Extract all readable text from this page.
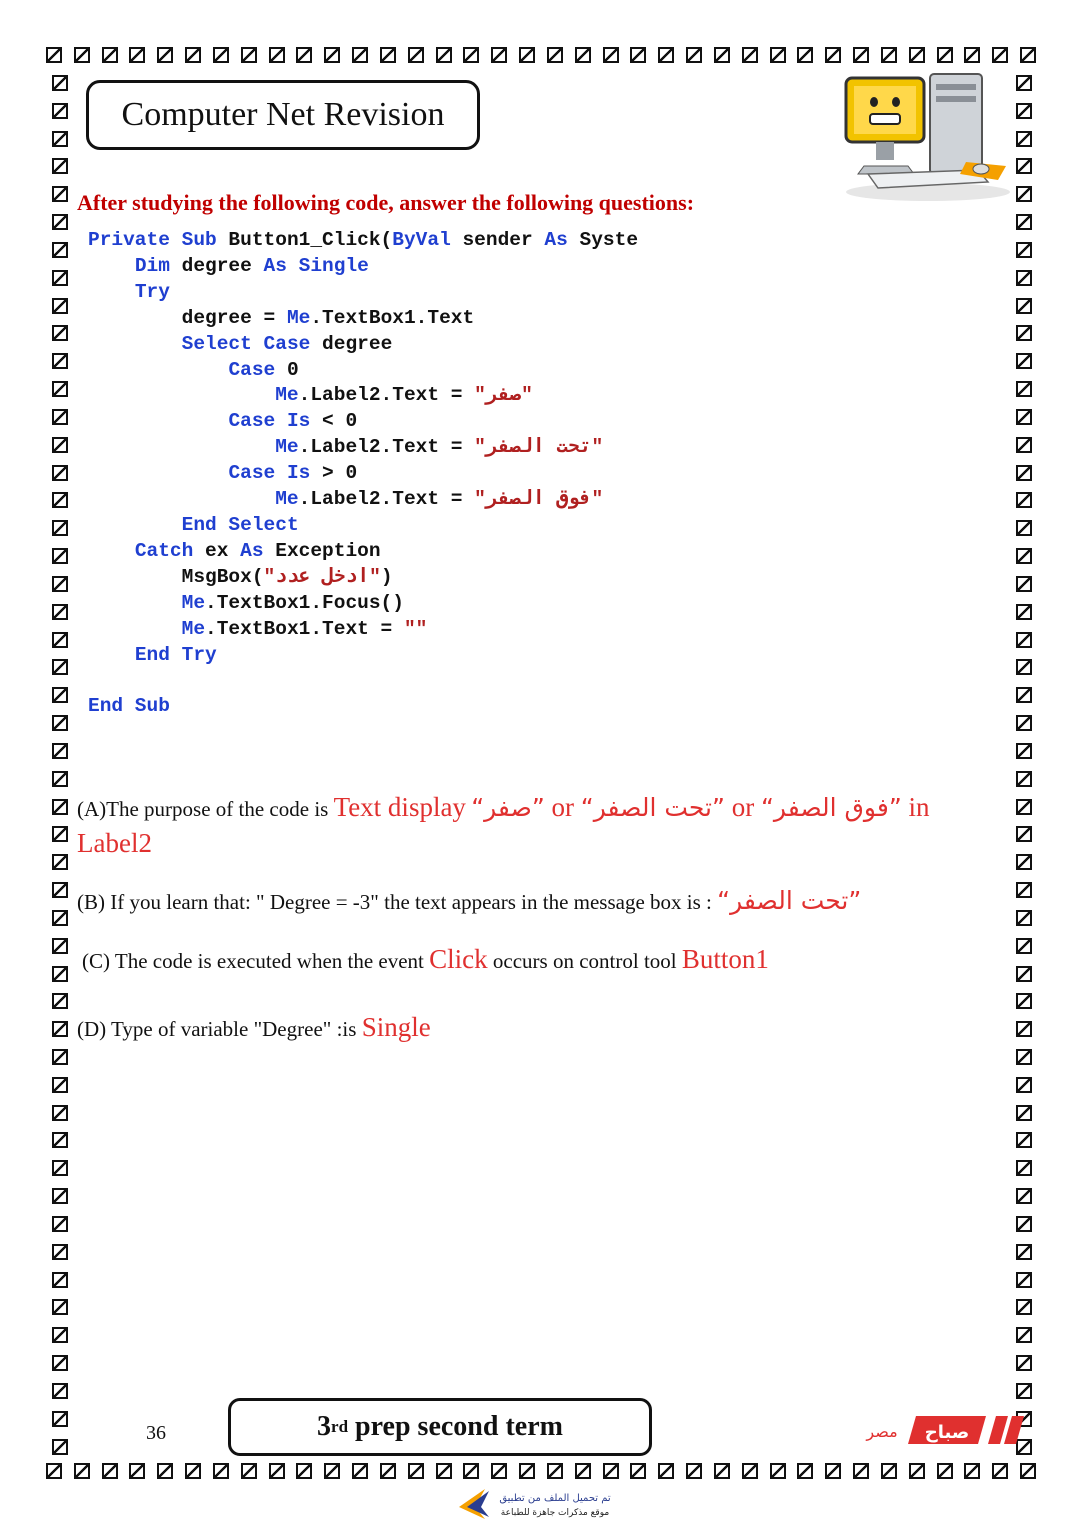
Computer Net Revision
After studying the following code, answer the following questions:
Private Sub Button1_Click(ByVal sender As Syste
Dim degree As Single
Try
degree = Me.TextBox1.Text
Select Case degree
Case 0
Me.Label2.Text = "صفر"
Case Is < 0
Me.Label2.Text = "تحت الصفر"
Case Is > 0
Me.Label2.Text = "فوق الصفر"
End Select
Catch ex As Exception
MsgBox("ادخل عدد")
Me.TextBox1.Focus()
Me.TextBox1.Text = ""
End Try

End Sub
(A)The purpose of the code is Text display “صفر” or “تحت الصفر” or “فوق الصفر” in
Label2
(B) If you learn that: " Degree = -3" the text appears in the message box is : “تحت الصفر”
(C) The code is executed when the event Click occurs on control tool Button1
(D) Type of variable "Degree" :is Single
36	3 rd prep second term	صباح
مصر
تم تحميل الملف من تطبيق
موقع مذكرات جاهزة للطباعة
